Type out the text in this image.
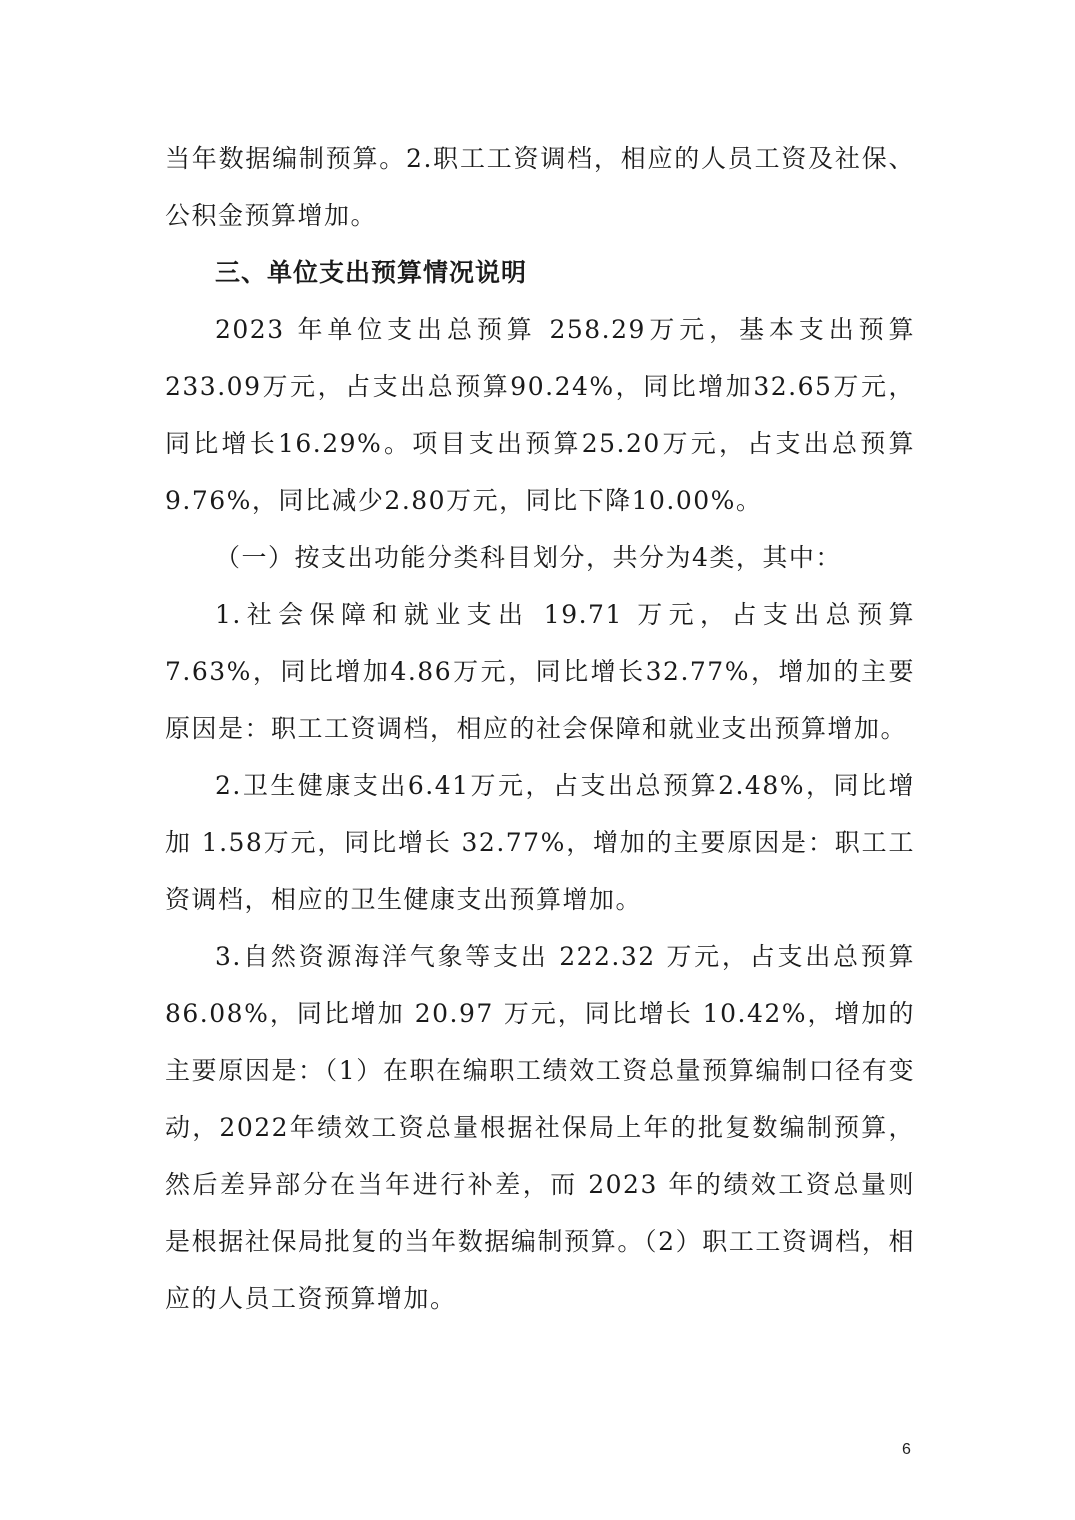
当年数据编制预算。2.职工工资调档，相应的人员工资及社保、公积金预算增加。

三、单位支出预算情况说明

2023 年单位支出总预算 258.29万元，基本支出预算233.09万元，占支出总预算90.24%，同比增加32.65万元，同比增长16.29%。项目支出预算25.20万元，占支出总预算9.76%，同比减少2.80万元，同比下降10.00%。

（一）按支出功能分类科目划分，共分为4类，其中：

1.社会保障和就业支出 19.71 万元，占支出总预算7.63%，同比增加4.86万元，同比增长32.77%，增加的主要原因是：职工工资调档，相应的社会保障和就业支出预算增加。

2.卫生健康支出6.41万元，占支出总预算2.48%，同比增加 1.58万元，同比增长 32.77%，增加的主要原因是：职工工资调档，相应的卫生健康支出预算增加。

3.自然资源海洋气象等支出 222.32 万元，占支出总预算 86.08%，同比增加 20.97 万元，同比增长 10.42%，增加的主要原因是：（1）在职在编职工绩效工资总量预算编制口径有变动，2022年绩效工资总量根据社保局上年的批复数编制预算，然后差异部分在当年进行补差，而 2023 年的绩效工资总量则是根据社保局批复的当年数据编制预算。（2）职工工资调档，相应的人员工资预算增加。

6
